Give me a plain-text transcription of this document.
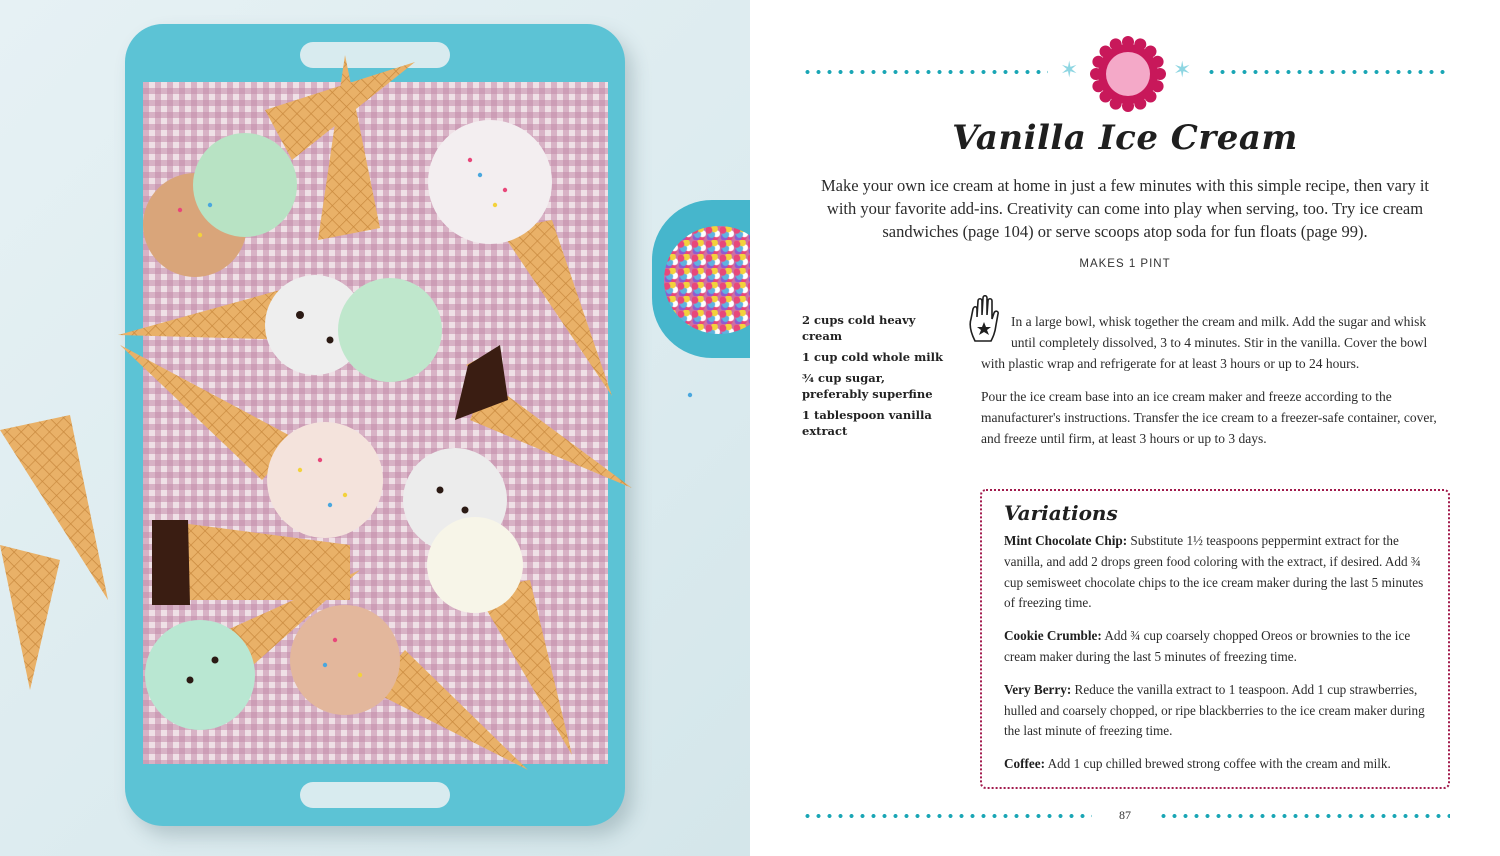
✶	✶
Vanilla Ice Cream
Make your own ice cream at home in just a few minutes with this simple recipe, then vary it with your favorite add-ins. Creativity can come into play when serving, too. Try ice cream sandwiches (page 104) or serve scoops atop soda for fun floats (page 99).
MAKES 1 PINT
2 cups cold heavy cream
1 cup cold whole milk
¾ cup sugar, preferably superfine
1 tablespoon vanilla extract

In a large bowl, whisk together the cream and milk. Add the sugar and whisk until completely dissolved, 3 to 4 minutes. Stir in the vanilla. Cover the bowl with plastic wrap and refrigerate for at least 3 hours or up to 24 hours.

Pour the ice cream base into an ice cream maker and freeze according to the manufacturer's instructions. Transfer the ice cream to a freezer-safe container, cover, and freeze until firm, at least 3 hours or up to 3 days.

Variations

Mint Chocolate Chip: Substitute 1½ teaspoons peppermint extract for the vanilla, and add 2 drops green food coloring with the extract, if desired. Add ¾ cup semisweet chocolate chips to the ice cream maker during the last 5 minutes of freezing time.

Cookie Crumble: Add ¾ cup coarsely chopped Oreos or brownies to the ice cream maker during the last 5 minutes of freezing time.

Very Berry: Reduce the vanilla extract to 1 teaspoon. Add 1 cup strawberries, hulled and coarsely chopped, or ripe blackberries to the ice cream maker during the last minute of freezing time.

Coffee: Add 1 cup chilled brewed strong coffee with the cream and milk.

87
